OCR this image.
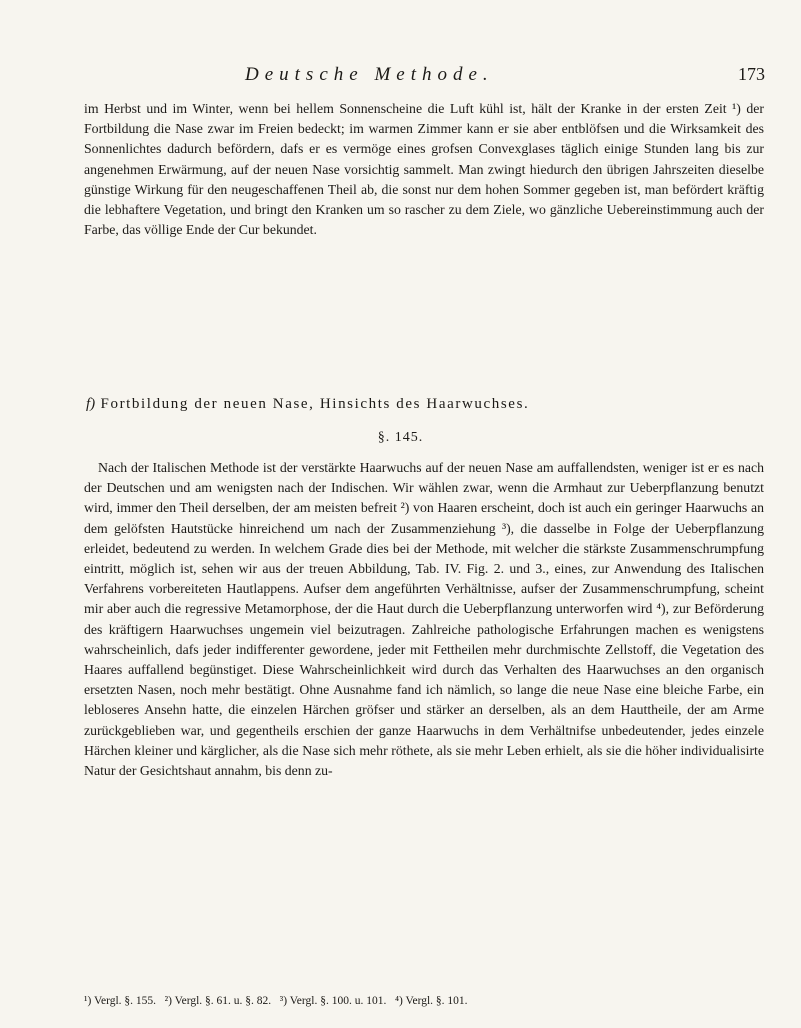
Deutsche Methode.	173

im Herbst und im Winter, wenn bei hellem Sonnenscheine die Luft kühl ist, hält der Kranke in der ersten Zeit ¹) der Fortbildung die Nase zwar im Freien bedeckt; im warmen Zimmer kann er sie aber entblöfsen und die Wirksamkeit des Sonnenlichtes dadurch befördern, dafs er es vermöge eines grofsen Convexglases täglich einige Stunden lang bis zur angenehmen Erwärmung, auf der neuen Nase vorsichtig sammelt. Man zwingt hiedurch den übrigen Jahrszeiten dieselbe günstige Wirkung für den neugeschaffenen Theil ab, die sonst nur dem hohen Sommer gegeben ist, man befördert kräftig die lebhaftere Vegetation, und bringt den Kranken um so rascher zu dem Ziele, wo gänzliche Uebereinstimmung auch der Farbe, das völlige Ende der Cur bekundet.

f) Fortbildung der neuen Nase, Hinsichts des Haarwuchses.
§. 145.

Nach der Italischen Methode ist der verstärkte Haarwuchs auf der neuen Nase am auffallendsten, weniger ist er es nach der Deutschen und am wenigsten nach der Indischen. Wir wählen zwar, wenn die Armhaut zur Ueberpflanzung benutzt wird, immer den Theil derselben, der am meisten befreit ²) von Haaren erscheint, doch ist auch ein geringer Haarwuchs an dem gelöfsten Hautstücke hinreichend um nach der Zusammenziehung ³), die dasselbe in Folge der Ueberpflanzung erleidet, bedeutend zu werden. In welchem Grade dies bei der Methode, mit welcher die stärkste Zusammenschrumpfung eintritt, möglich ist, sehen wir aus der treuen Abbildung, Tab. IV. Fig. 2. und 3., eines, zur Anwendung des Italischen Verfahrens vorbereiteten Hautlappens. Aufser dem angeführten Verhältnisse, aufser der Zusammenschrumpfung, scheint mir aber auch die regressive Metamorphose, der die Haut durch die Ueberpflanzung unterworfen wird ⁴), zur Beförderung des kräftigern Haarwuchses ungemein viel beizutragen. Zahlreiche pathologische Erfahrungen machen es wenigstens wahrscheinlich, dafs jeder indifferenter gewordene, jeder mit Fettheilen mehr durchmischte Zellstoff, die Vegetation des Haares auffallend begünstiget. Diese Wahrscheinlichkeit wird durch das Verhalten des Haarwuchses an den organisch ersetzten Nasen, noch mehr bestätigt. Ohne Ausnahme fand ich nämlich, so lange die neue Nase eine bleiche Farbe, ein lebloseres Ansehn hatte, die einzelen Härchen gröfser und stärker an derselben, als an dem Hauttheile, der am Arme zurückgeblieben war, und gegentheils erschien der ganze Haarwuchs in dem Verhältnifse unbedeutender, jedes einzele Härchen kleiner und kärglicher, als die Nase sich mehr röthete, als sie mehr Leben erhielt, als sie die höher individualisirte Natur der Gesichtshaut annahm, bis denn zu-

¹) Vergl. §. 155.   ²) Vergl. §. 61. u. §. 82.   ³) Vergl. §. 100. u. 101.   ⁴) Vergl. §. 101.
